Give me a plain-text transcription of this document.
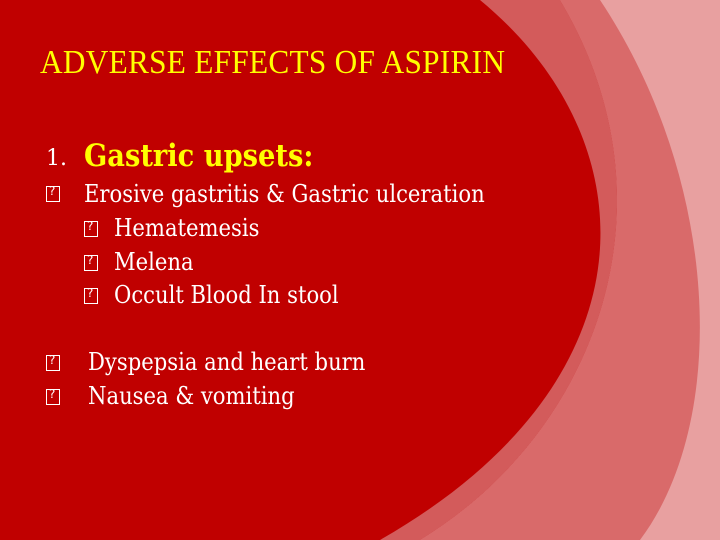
ADVERSE EFFECTS OF ASPIRIN
1. Gastric upsets:
?
Erosive gastritis & Gastric ulceration
?
Hematemesis
?
Melena
?
Occult Blood In stool
?
Dyspepsia and heart burn
?
Nausea & vomiting
